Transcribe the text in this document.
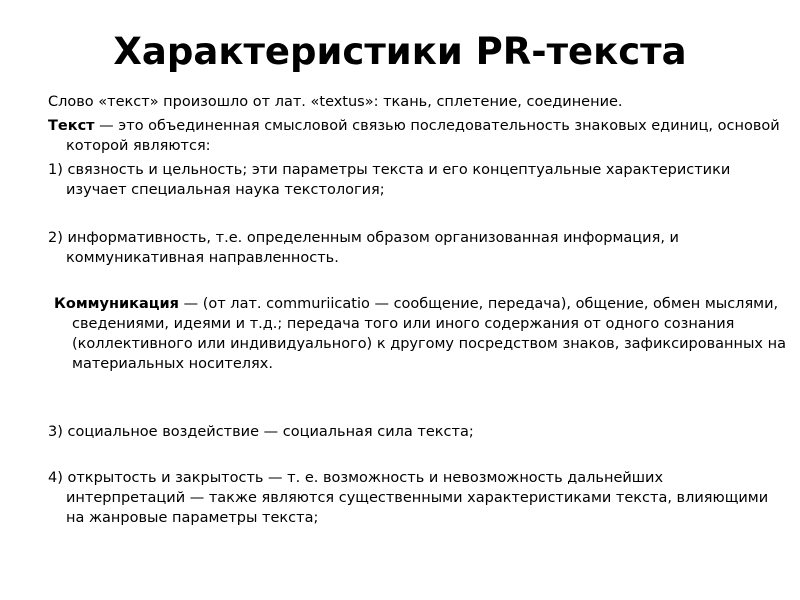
Характеристики PR-текста

Слово «текст» произошло от лат. «textus»: ткань, сплетение, соединение.

Текст — это объединенная смысловой связью последовательность знаковых единиц, основой которой являются:

1) связность и цельность; эти параметры текста и его концептуальные характеристики изучает специальная наука текстология;

2) информативность, т.е. определенным образом организованная информация, и коммуникативная направленность.

Коммуникация — (от лат. commuriicatio — сообщение, передача), общение, обмен мыслями, сведениями, идеями и т.д.; передача того или иного содержания от одного сознания (коллективного или индивидуального) к другому посредством знаков, зафиксированных на материальных носителях.

3) социальное воздействие — социальная сила текста;

4) открытость и закрытость — т. е. возможность и невозможность дальнейших интерпретаций — также являются существенными характеристиками текста, влияющими на жанровые параметры текста;
